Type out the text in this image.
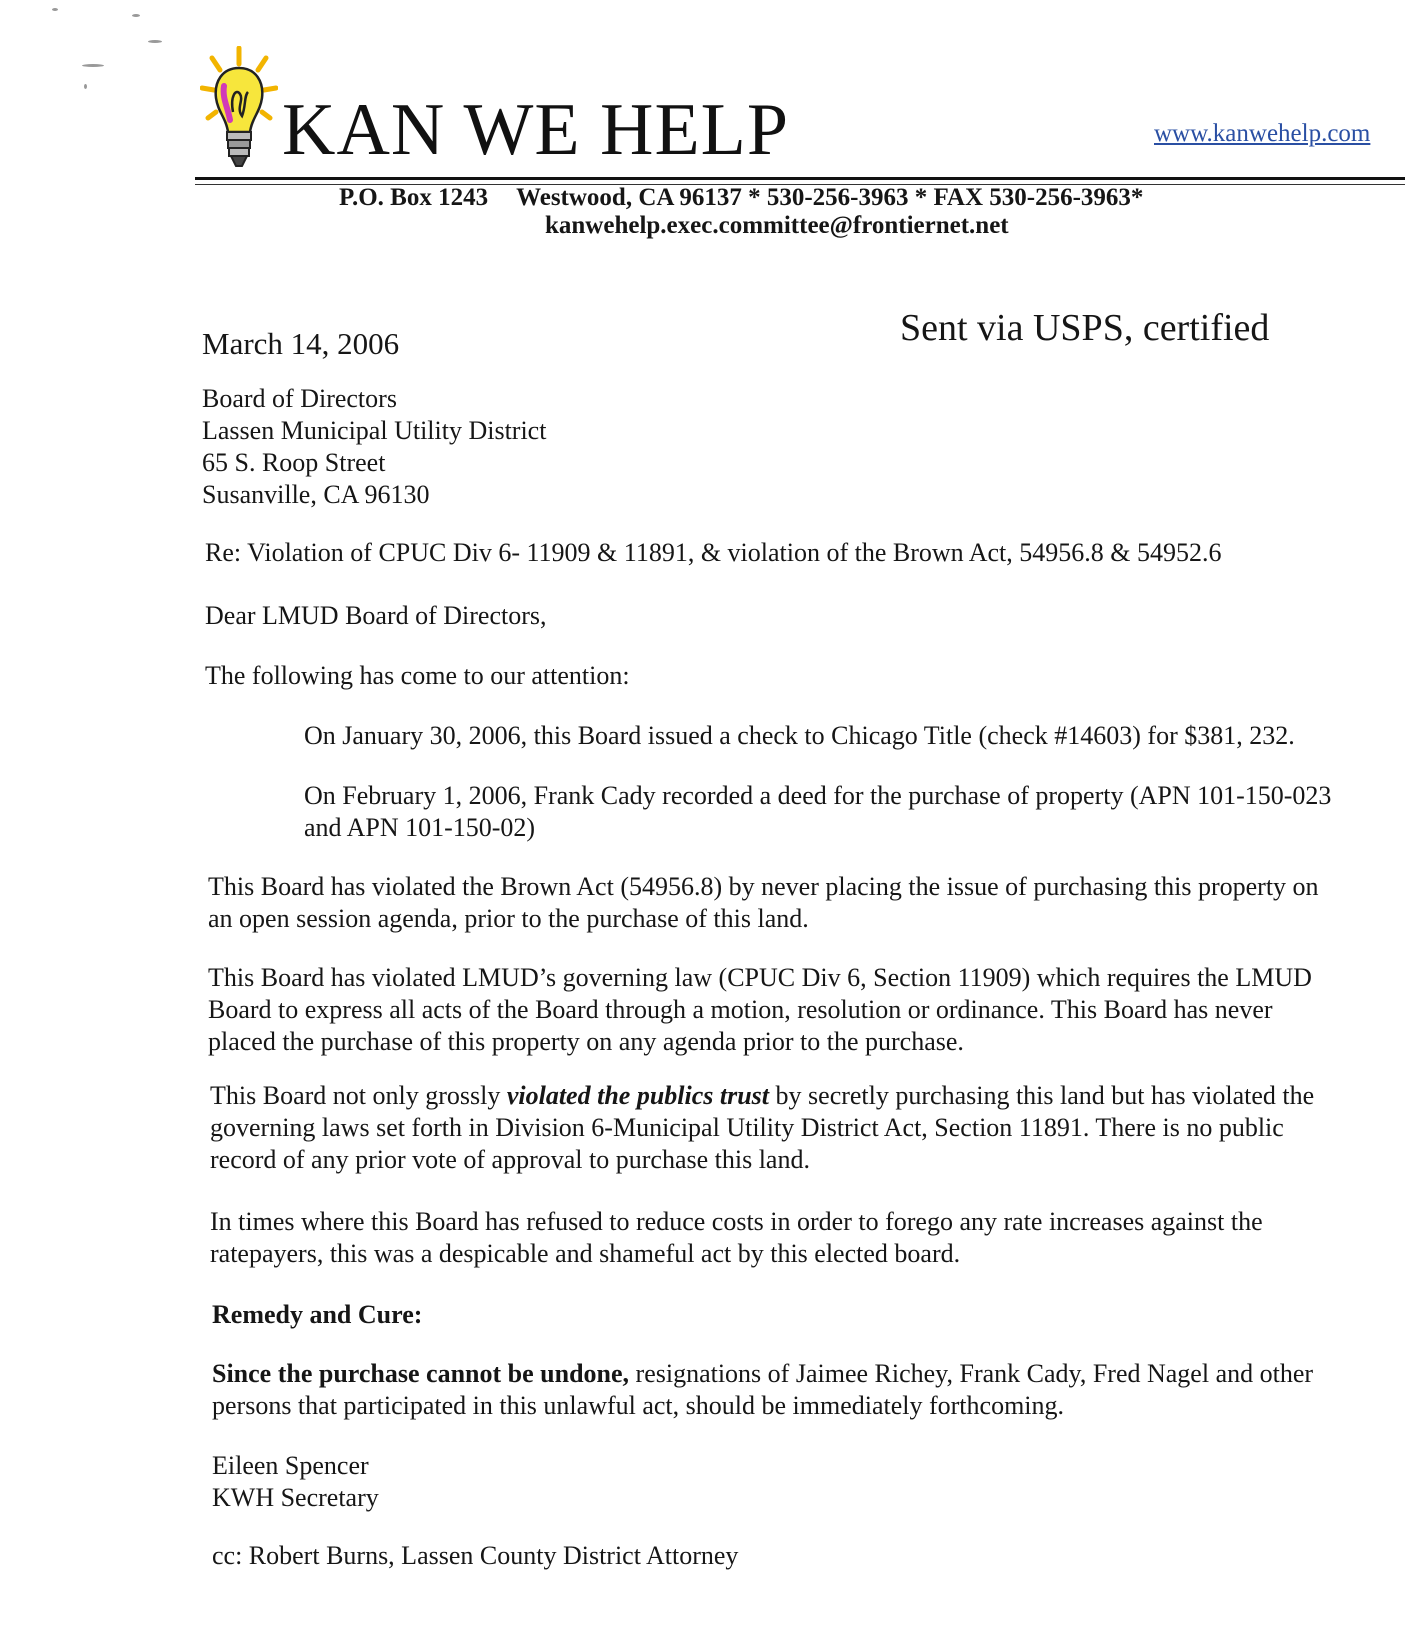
KAN WE HELP	www.kanwehelp.com
P.O. Box 1243 Westwood, CA 96137 * 530-256-3963 * FAX 530-256-3963*
kanwehelp.exec.committee@frontiernet.net
March 14, 2006	Sent via USPS, certified
Board of Directors
Lassen Municipal Utility District
65 S. Roop Street
Susanville, CA 96130
Re: Violation of CPUC Div 6- 11909 & 11891, & violation of the Brown Act, 54956.8 & 54952.6
Dear LMUD Board of Directors,
The following has come to our attention:
On January 30, 2006, this Board issued a check to Chicago Title (check #14603) for $381, 232.
On February 1, 2006, Frank Cady recorded a deed for the purchase of property (APN 101-150-023
and APN 101-150-02)
This Board has violated the Brown Act (54956.8) by never placing the issue of purchasing this property on
an open session agenda, prior to the purchase of this land.
This Board has violated LMUD’s governing law (CPUC Div 6, Section 11909) which requires the LMUD
Board to express all acts of the Board through a motion, resolution or ordinance. This Board has never
placed the purchase of this property on any agenda prior to the purchase.
This Board not only grossly violated the publics trust by secretly purchasing this land but has violated the
governing laws set forth in Division 6-Municipal Utility District Act, Section 11891. There is no public
record of any prior vote of approval to purchase this land.
In times where this Board has refused to reduce costs in order to forego any rate increases against the
ratepayers, this was a despicable and shameful act by this elected board.
Remedy and Cure:
Since the purchase cannot be undone, resignations of Jaimee Richey, Frank Cady, Fred Nagel and other
persons that participated in this unlawful act, should be immediately forthcoming.
Eileen Spencer
KWH Secretary
cc: Robert Burns, Lassen County District Attorney
